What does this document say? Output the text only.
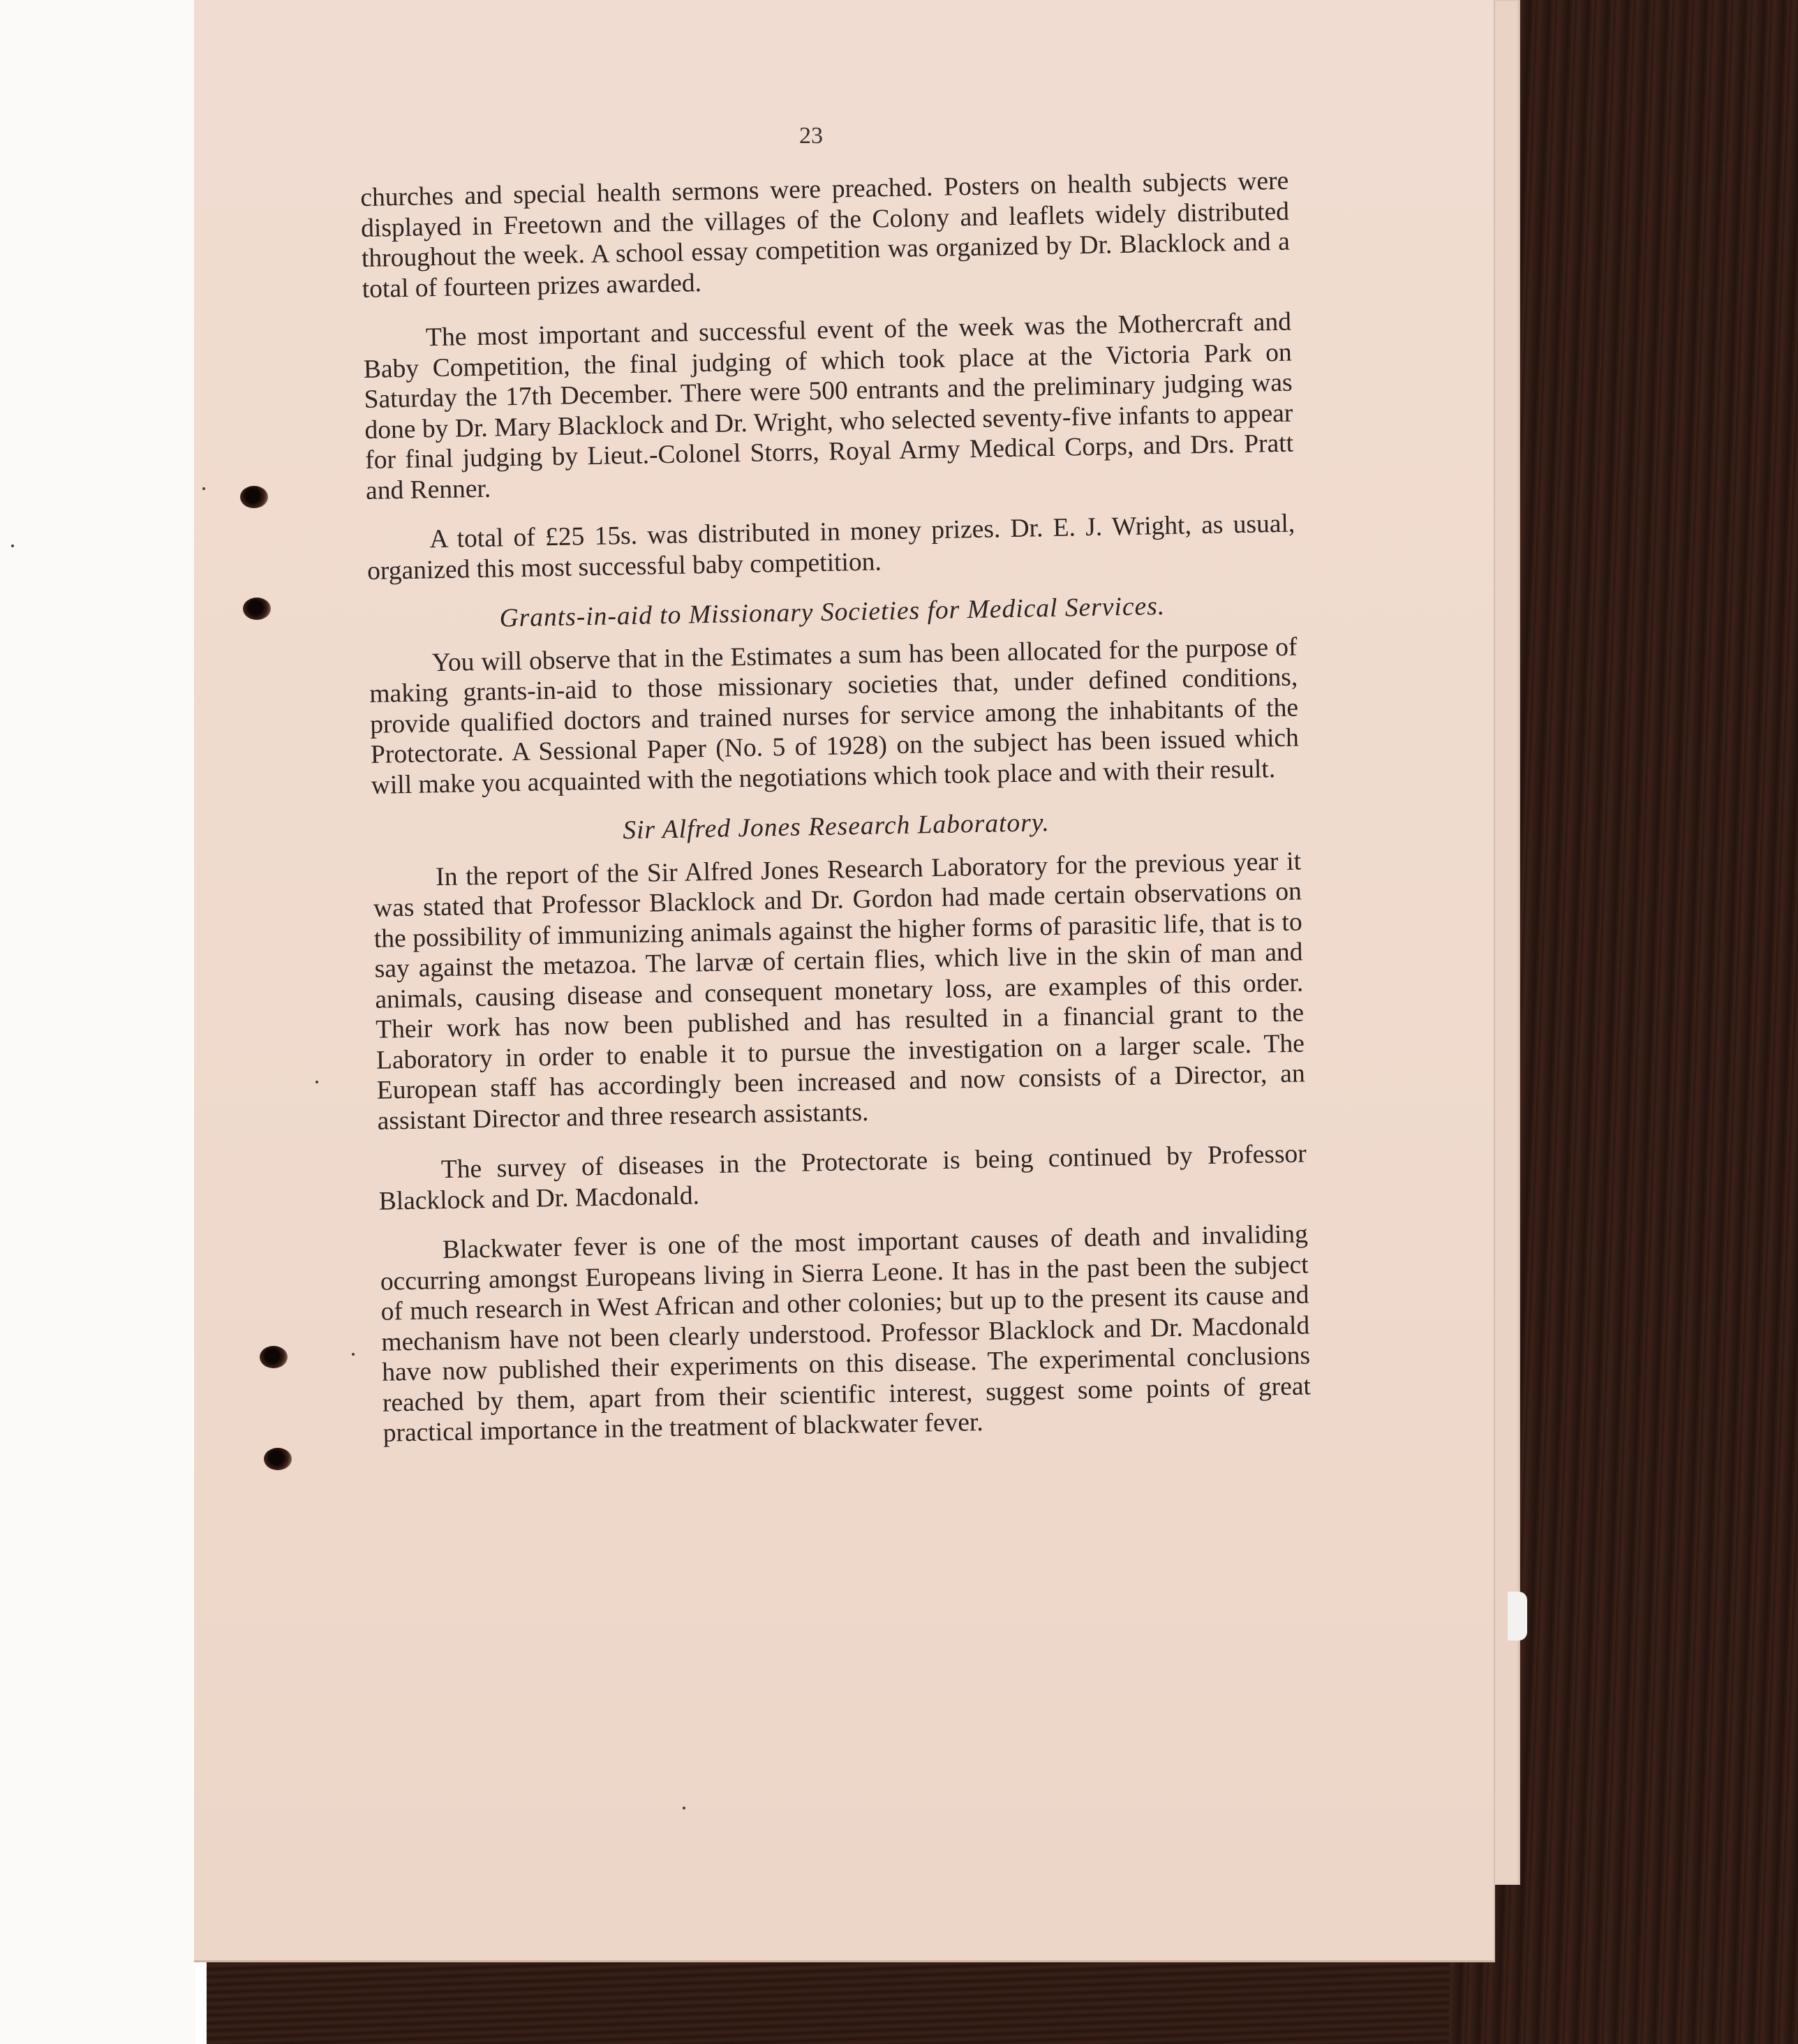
23

churches and special health sermons were preached. Posters on health subjects were displayed in Freetown and the villages of the Colony and leaflets widely distributed throughout the week. A school essay competition was organized by Dr. Blacklock and a total of fourteen prizes awarded.

The most important and successful event of the week was the Mothercraft and Baby Competition, the final judging of which took place at the Victoria Park on Saturday the 17th December. There were 500 entrants and the preliminary judging was done by Dr. Mary Blacklock and Dr. Wright, who selected seventy-five infants to appear for final judging by Lieut.-Colonel Storrs, Royal Army Medical Corps, and Drs. Pratt and Renner.

A total of £25 15s. was distributed in money prizes. Dr. E. J. Wright, as usual, organized this most successful baby competition.

Grants-in-aid to Missionary Societies for Medical Services.

You will observe that in the Estimates a sum has been allocated for the purpose of making grants-in-aid to those missionary societies that, under defined conditions, provide qualified doctors and trained nurses for service among the inhabitants of the Protectorate. A Sessional Paper (No. 5 of 1928) on the subject has been issued which will make you acquainted with the negotiations which took place and with their result.

Sir Alfred Jones Research Laboratory.

In the report of the Sir Alfred Jones Research Laboratory for the previous year it was stated that Professor Blacklock and Dr. Gordon had made certain observations on the possibility of immunizing animals against the higher forms of parasitic life, that is to say against the metazoa. The larvæ of certain flies, which live in the skin of man and animals, causing disease and consequent monetary loss, are examples of this order. Their work has now been published and has resulted in a financial grant to the Laboratory in order to enable it to pursue the investigation on a larger scale. The European staff has accordingly been increased and now consists of a Director, an assistant Director and three research assistants.

The survey of diseases in the Protectorate is being continued by Professor Blacklock and Dr. Macdonald.

Blackwater fever is one of the most important causes of death and invaliding occurring amongst Europeans living in Sierra Leone. It has in the past been the subject of much research in West African and other colonies; but up to the present its cause and mechanism have not been clearly understood. Professor Blacklock and Dr. Macdonald have now published their experiments on this disease. The experimental conclusions reached by them, apart from their scientific interest, suggest some points of great practical importance in the treatment of blackwater fever.
